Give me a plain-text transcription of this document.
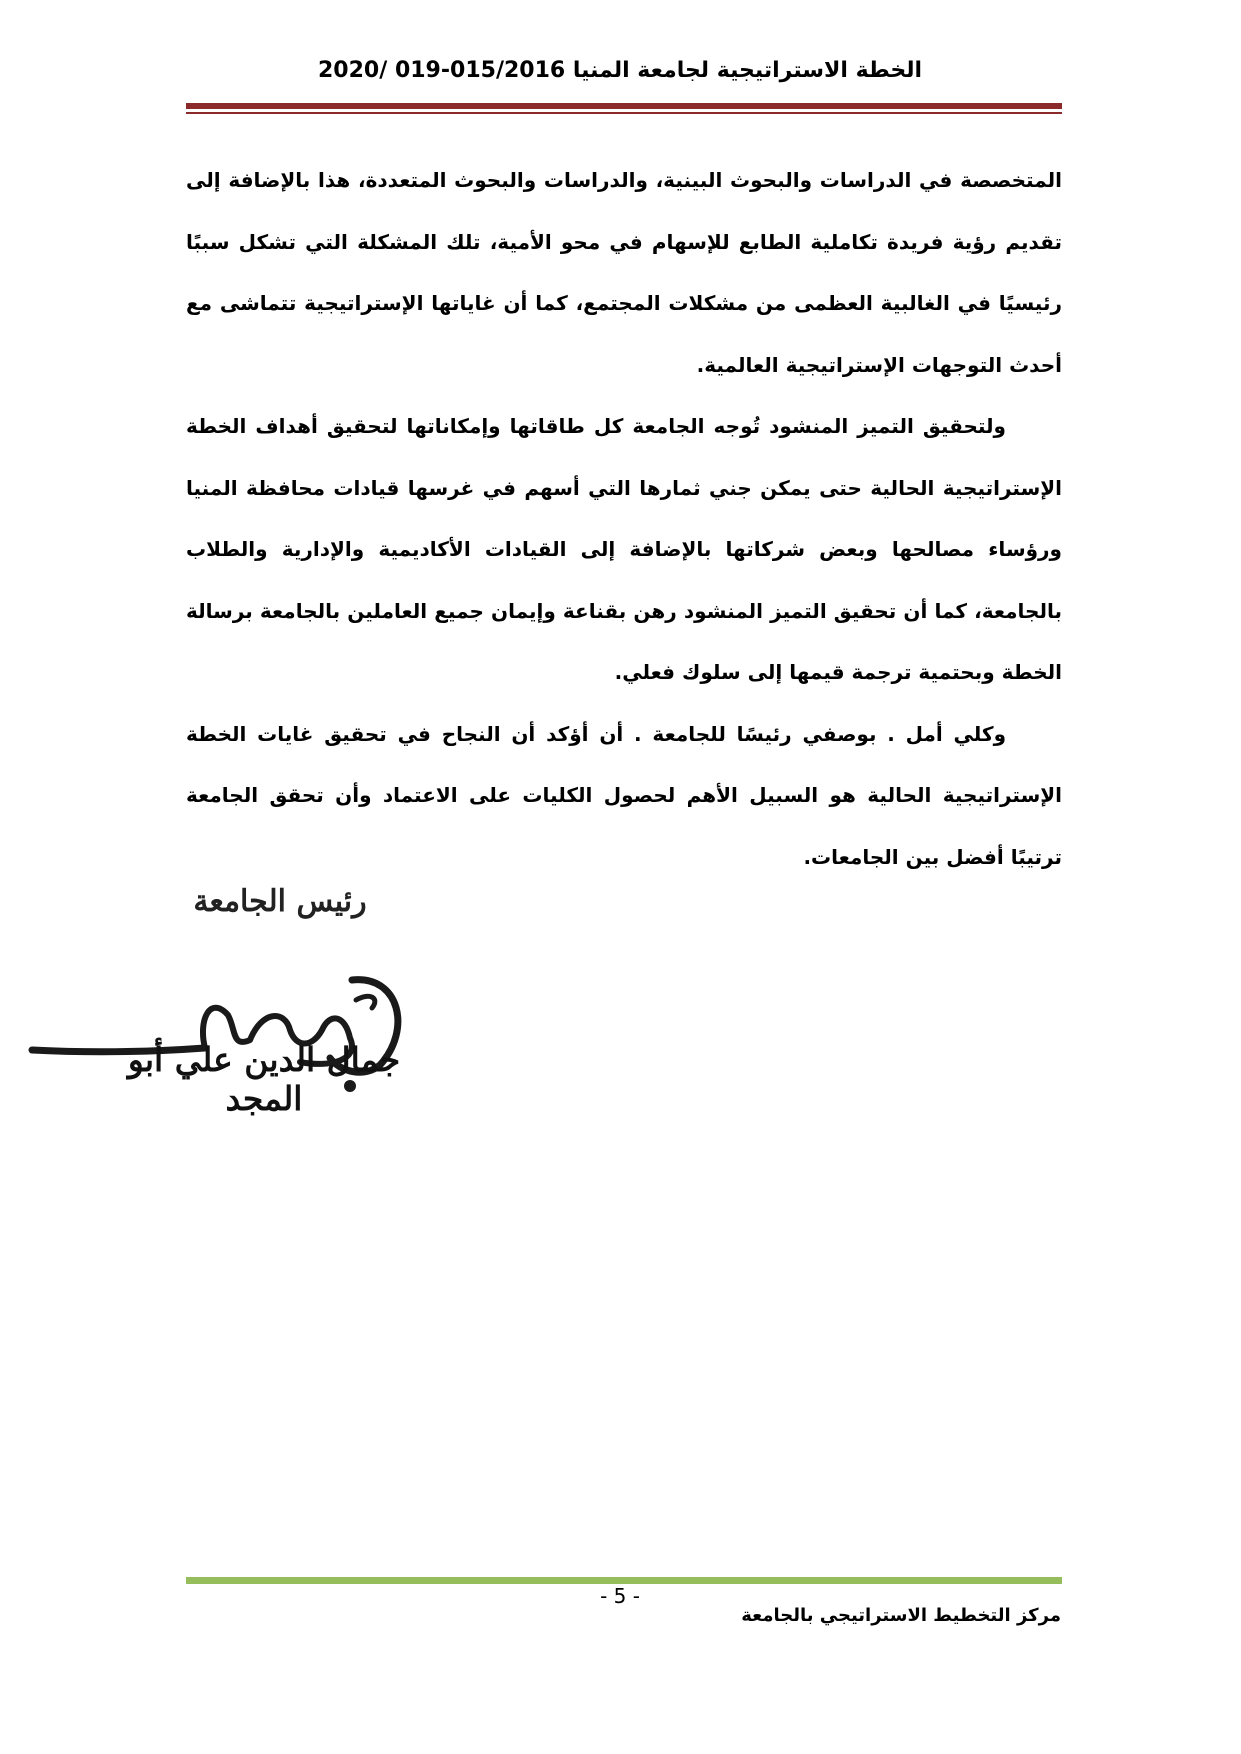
الخطة الاستراتيجية لجامعة المنيا 015/2016-019 /2020

المتخصصة في الدراسات والبحوث البينية، والدراسات والبحوث المتعددة، هذا بالإضافة إلى تقديم رؤية فريدة تكاملية الطابع للإسهام في محو الأمية، تلك المشكلة التي تشكل سببًا رئيسيًا في الغالبية العظمى من مشكلات المجتمع، كما أن غاياتها الإستراتيجية تتماشى مع أحدث التوجهات الإستراتيجية العالمية.

ولتحقيق التميز المنشود تُوجه الجامعة كل طاقاتها وإمكاناتها لتحقيق أهداف الخطة الإستراتيجية الحالية حتى يمكن جني ثمارها التي أسهم في غرسها قيادات محافظة المنيا ورؤساء مصالحها وبعض شركاتها بالإضافة إلى القيادات الأكاديمية والإدارية والطلاب بالجامعة، كما أن تحقيق التميز المنشود رهن بقناعة وإيمان جميع العاملين بالجامعة برسالة الخطة وبحتمية ترجمة قيمها إلى سلوك فعلي.

وكلي أمل . بوصفي رئيسًا للجامعة . أن أؤكد أن النجاح في تحقيق غايات الخطة الإستراتيجية الحالية هو السبيل الأهم لحصول الكليات على الاعتماد وأن تحقق الجامعة ترتيبًا أفضل بين الجامعات.

رئيس الجامعة
جمال الدين علي أبو المجد
- 5 -
مركز التخطيط الاستراتيجي بالجامعة
